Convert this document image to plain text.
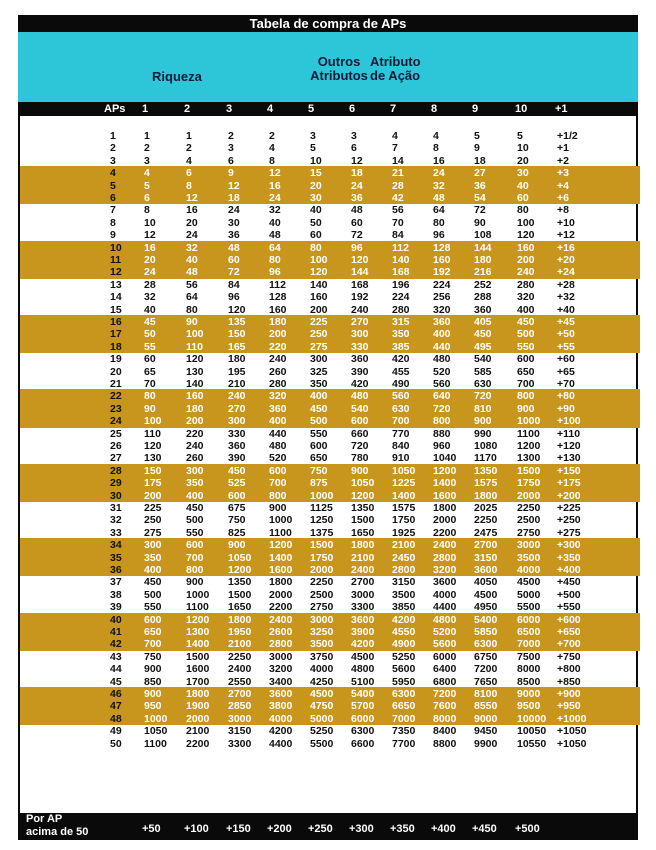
Tabela de compra de APs
Riqueza
Outros Atributos
Atributo de Ação
APs 1	2	3	4	5	6	7	8	9	10	+1
1	1	1	2	2	3	3	4	4	5	5	+1/2
2	2	2	3	4	5	6	7	8	9	10	+1
3	3	4	6	8	10	12	14	16	18	20	+2
4	4	6	9	12	15	18	21	24	27	30	+3
5	5	8	12	16	20	24	28	32	36	40	+4
6	6	12	18	24	30	36	42	48	54	60	+6
7	8	16	24	32	40	48	56	64	72	80	+8
8	10	20	30	40	50	60	70	80	90	100 +10
9	12	24	36	48	60	72	84	96	108 120 +12
10 16	32	48	64	80	96	112 128 144 160 +16
11 20	40	60	80	100 120 140 160 180 200 +20
12 24	48	72	96	120 144 168 192 216 240 +24
13 28	56	84	112 140 168 196 224 252 280 +28
14 32	64	96	128 160 192 224 256 288 320 +32
15 40	80	120 160 200 240 280 320 360 400 +40
16 45	90	135 180 225 270 315 360 405 450 +45
17 50	100 150 200 250 300 350 400 450 500 +50
18 55	110 165 220 275 330 385 440 495 550 +55
19 60	120 180 240 300 360 420 480 540 600 +60
20 65	130 195 260 325 390 455 520 585 650 +65
21 70	140 210 280 350 420 490 560 630 700 +70
22 80	160 240 320 400 480 560 640 720 800 +80
23 90	180 270 360 450 540 630 720 810 900 +90
24 100 200 300 400 500 600 700 800 900 1000 +100
25 110 220 330 440 550 660 770 880 990 1100 +110
26 120 240 360 480 600 720 840 960 1080 1200 +120
27 130 260 390 520 650 780 910 1040 1170 1300 +130
28 150 300 450 600 750 900 1050 1200 1350 1500 +150
29 175 350 525 700 875 1050 1225 1400 1575 1750 +175
30 200 400 600 800 1000 1200 1400 1600 1800 2000 +200
31 225 450 675 900 1125 1350 1575 1800 2025 2250 +225
32 250 500 750 1000 1250 1500 1750 2000 2250 2500 +250
33 275 550 825 1100 1375 1650 1925 2200 2475 2750 +275
34 300 600 900 1200 1500 1800 2100 2400 2700 3000 +300
35 350 700 1050 1400 1750 2100 2450 2800 3150 3500 +350
36 400 800 1200 1600 2000 2400 2800 3200 3600 4000 +400
37 450 900 1350 1800 2250 2700 3150 3600 4050 4500 +450
38 500 1000 1500 2000 2500 3000 3500 4000 4500 5000 +500
39 550 1100 1650 2200 2750 3300 3850 4400 4950 5500 +550
40 600 1200 1800 2400 3000 3600 4200 4800 5400 6000 +600
41 650 1300 1950 2600 3250 3900 4550 5200 5850 6500 +650
42 700 1400 2100 2800 3500 4200 4900 5600 6300 7000 +700
43 750 1500 2250 3000 3750 4500 5250 6000 6750 7500 +750
44 900 1600 2400 3200 4000 4800 5600 6400 7200 8000 +800
45 850 1700 2550 3400 4250 5100 5950 6800 7650 8500 +850
46 900 1800 2700 3600 4500 5400 6300 7200 8100 9000 +900
47 950 1900 2850 3800 4750 5700 6650 7600 8550 9500 +950
48 1000 2000 3000 4000 5000 6000 7000 8000 9000 10000 +1000
49 1050 2100 3150 4200 5250 6300 7350 8400 9450 10050 +1050
50 1100 2200 3300 4400 5500 6600 7700 8800 9900 10550 +1050
Por AP acima de 50	+50 +100 +150 +200 +250 +300 +350 +400 +450 +500
